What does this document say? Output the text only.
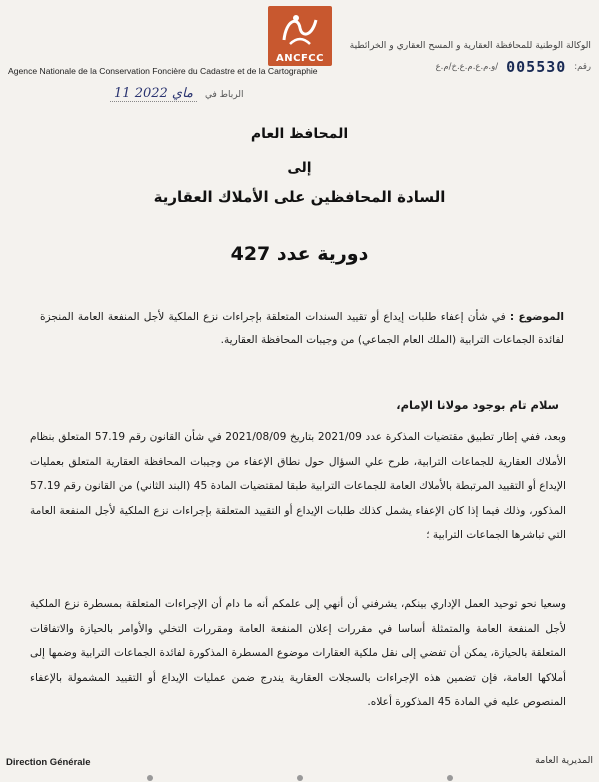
ANCFCC
Agence Nationale de la Conservation Foncière du Cadastre et de la Cartographie
الوكالة الوطنية للمحافظة العقارية و المسح العقاري و الخرائطية
رقم:
005530
/و.م.ع.م.ع.خ/م.ع
الرباط في
11 ماي 2022
المحافظ العام
إلى
السادة المحافظين على الأملاك العقارية
دورية عدد 427
الموضوع : في شأن إعفاء طلبات إيداع أو تقييد السندات المتعلقة بإجراءات نزع الملكية لأجل المنفعة العامة المنجزة لفائدة الجماعات الترابية (الملك العام الجماعي) من وجيبات المحافظة العقارية.
سلام تام بوجود مولانا الإمام،
وبعد، ففي إطار تطبيق مقتضيات المذكرة عدد 2021/09 بتاريخ 2021/08/09 في شأن القانون رقم 57.19 المتعلق بنظام الأملاك العقارية للجماعات الترابية، طرح علي السؤال حول نطاق الإعفاء من وجيبات المحافظة العقارية المتعلق بعمليات الإيداع أو التقييد المرتبطة بالأملاك العامة للجماعات الترابية طبقا لمقتضيات المادة 45 (البند الثاني) من القانون رقم 57.19 المذكور، وذلك فيما إذا كان الإعفاء يشمل كذلك طلبات الإيداع أو التقييد المتعلقة بإجراءات نزع الملكية لأجل المنفعة العامة التي تباشرها الجماعات الترابية ؛
وسعيا نحو توحيد العمل الإداري بينكم، يشرفني أن أنهي إلى علمكم أنه ما دام أن الإجراءات المتعلقة بمسطرة نزع الملكية لأجل المنفعة العامة والمتمثلة أساسا في مقررات إعلان المنفعة العامة ومقررات التخلي والأوامر بالحيازة والاتفاقات المتعلقة بالحيازة، يمكن أن تفضي إلى نقل ملكية العقارات موضوع المسطرة المذكورة لفائدة الجماعات الترابية وضمها إلى أملاكها العامة، فإن تضمين هذه الإجراءات بالسجلات العقارية يندرج ضمن عمليات الإيداع أو التقييد المشمولة بالإعفاء المنصوص عليه في المادة 45 المذكورة أعلاه.
Direction Générale	المديرية العامة
